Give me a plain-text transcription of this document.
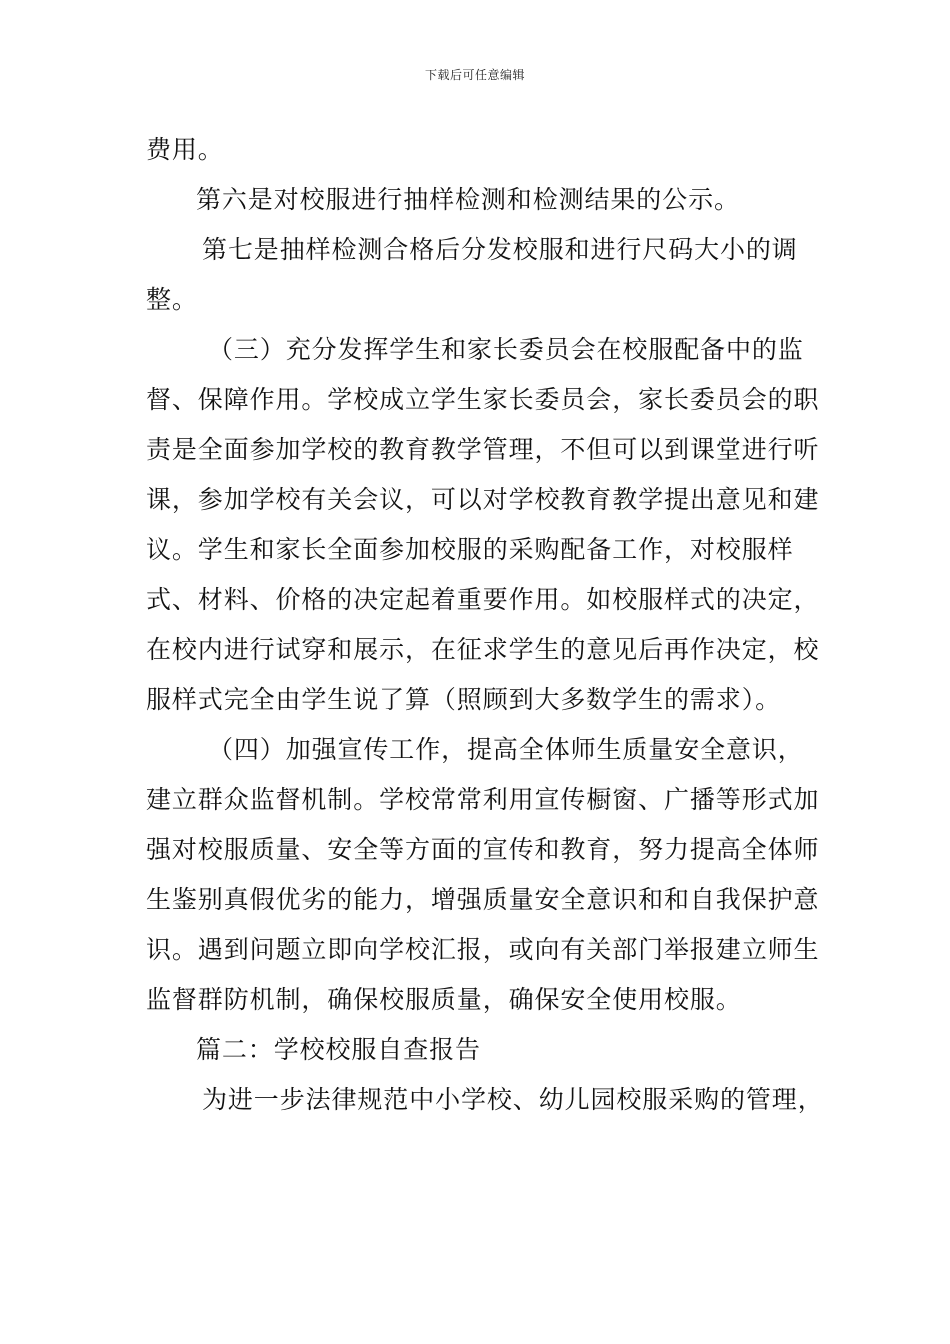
下载后可任意编辑

费用。

第六是对校服进行抽样检测和检测结果的公示。

第七是抽样检测合格后分发校服和进行尺码大小的调整。

（三）充分发挥学生和家长委员会在校服配备中的监督、保障作用。学校成立学生家长委员会，家长委员会的职责是全面参加学校的教育教学管理，不但可以到课堂进行听课，参加学校有关会议，可以对学校教育教学提出意见和建议。学生和家长全面参加校服的采购配备工作，对校服样式、材料、价格的决定起着重要作用。如校服样式的决定，在校内进行试穿和展示，在征求学生的意见后再作决定，校服样式完全由学生说了算（照顾到大多数学生的需求）。

（四）加强宣传工作，提高全体师生质量安全意识，建立群众监督机制。学校常常利用宣传橱窗、广播等形式加强对校服质量、安全等方面的宣传和教育，努力提高全体师生鉴别真假优劣的能力，增强质量安全意识和和自我保护意识。遇到问题立即向学校汇报，或向有关部门举报建立师生监督群防机制，确保校服质量，确保安全使用校服。

篇二：学校校服自查报告

为进一步法律规范中小学校、幼儿园校服采购的管理，
